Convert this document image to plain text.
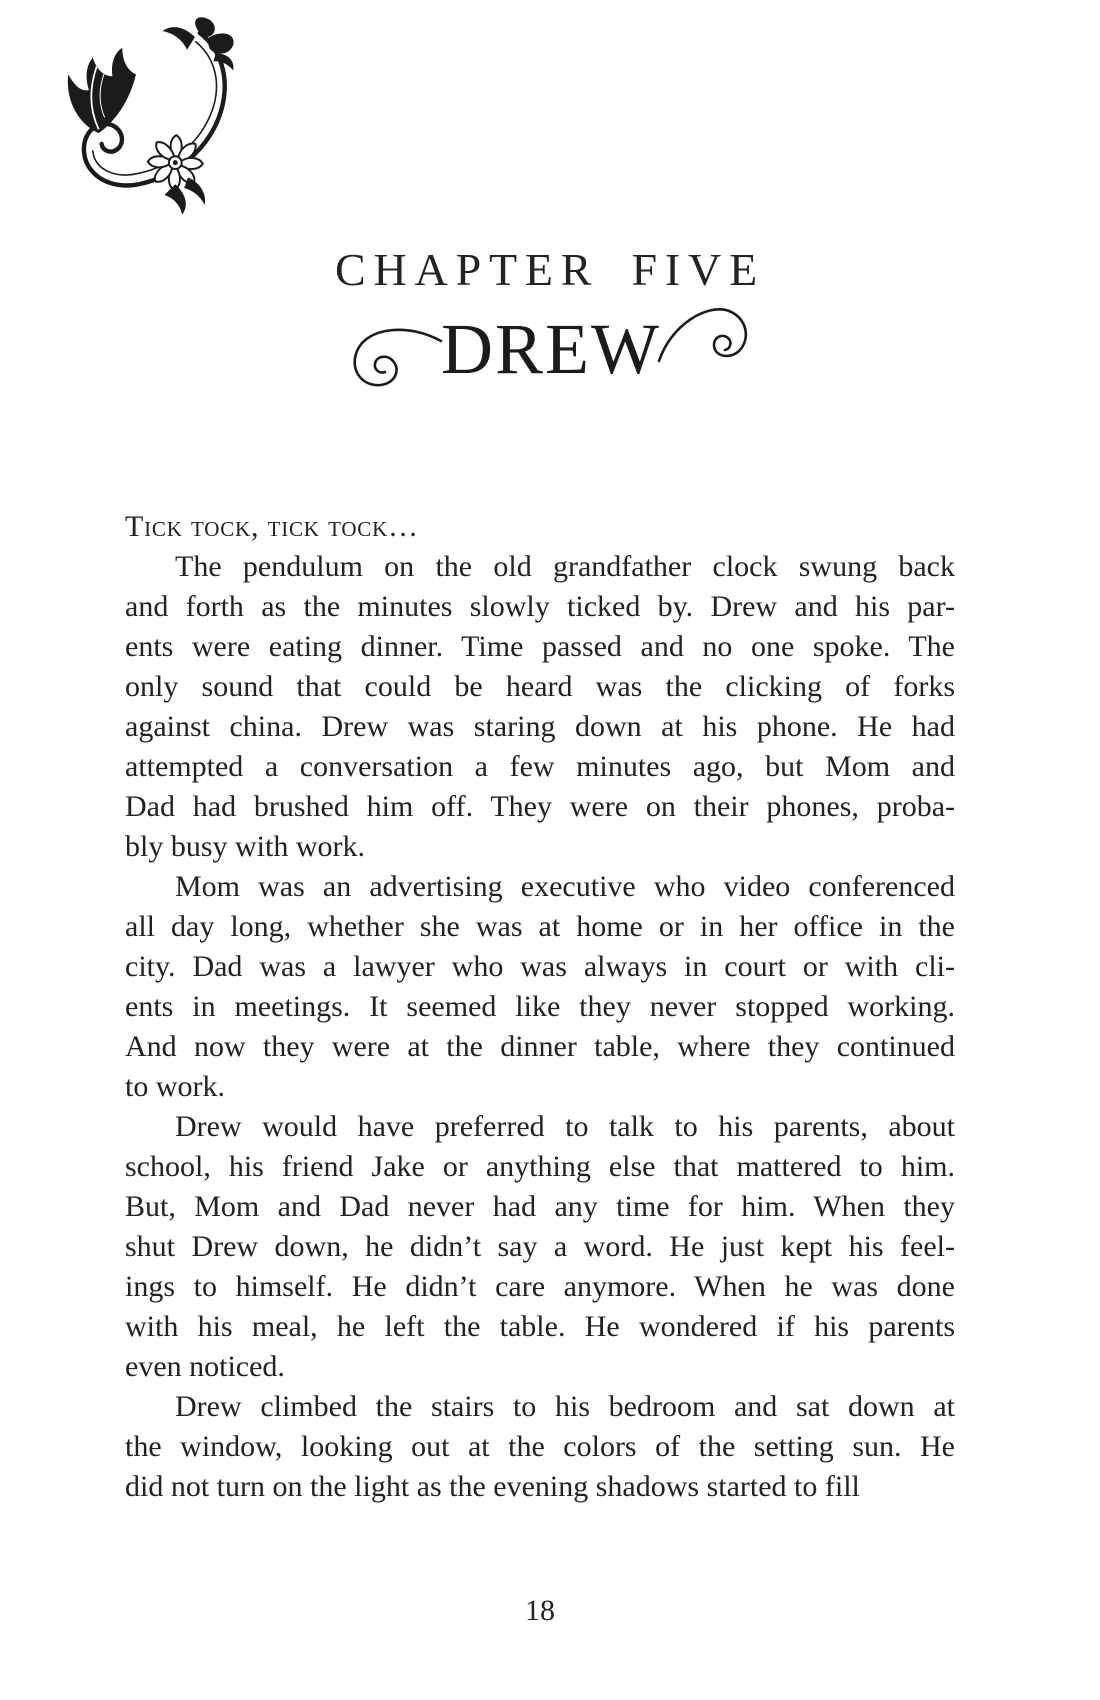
CHAPTER FIVE
DREW
Tick tock, tick tock…
The pendulum on the old grandfather clock swung back
and forth as the minutes slowly ticked by. Drew and his par-
ents were eating dinner. Time passed and no one spoke. The
only sound that could be heard was the clicking of forks
against china. Drew was staring down at his phone. He had
attempted a conversation a few minutes ago, but Mom and
Dad had brushed him off. They were on their phones, proba-
bly busy with work.
Mom was an advertising executive who video conferenced
all day long, whether she was at home or in her office in the
city. Dad was a lawyer who was always in court or with cli-
ents in meetings. It seemed like they never stopped working.
And now they were at the dinner table, where they continued
to work.
Drew would have preferred to talk to his parents, about
school, his friend Jake or anything else that mattered to him.
But, Mom and Dad never had any time for him. When they
shut Drew down, he didn’t say a word. He just kept his feel-
ings to himself. He didn’t care anymore. When he was done
with his meal, he left the table. He wondered if his parents
even noticed.
Drew climbed the stairs to his bedroom and sat down at
the window, looking out at the colors of the setting sun. He
did not turn on the light as the evening shadows started to fill
18
